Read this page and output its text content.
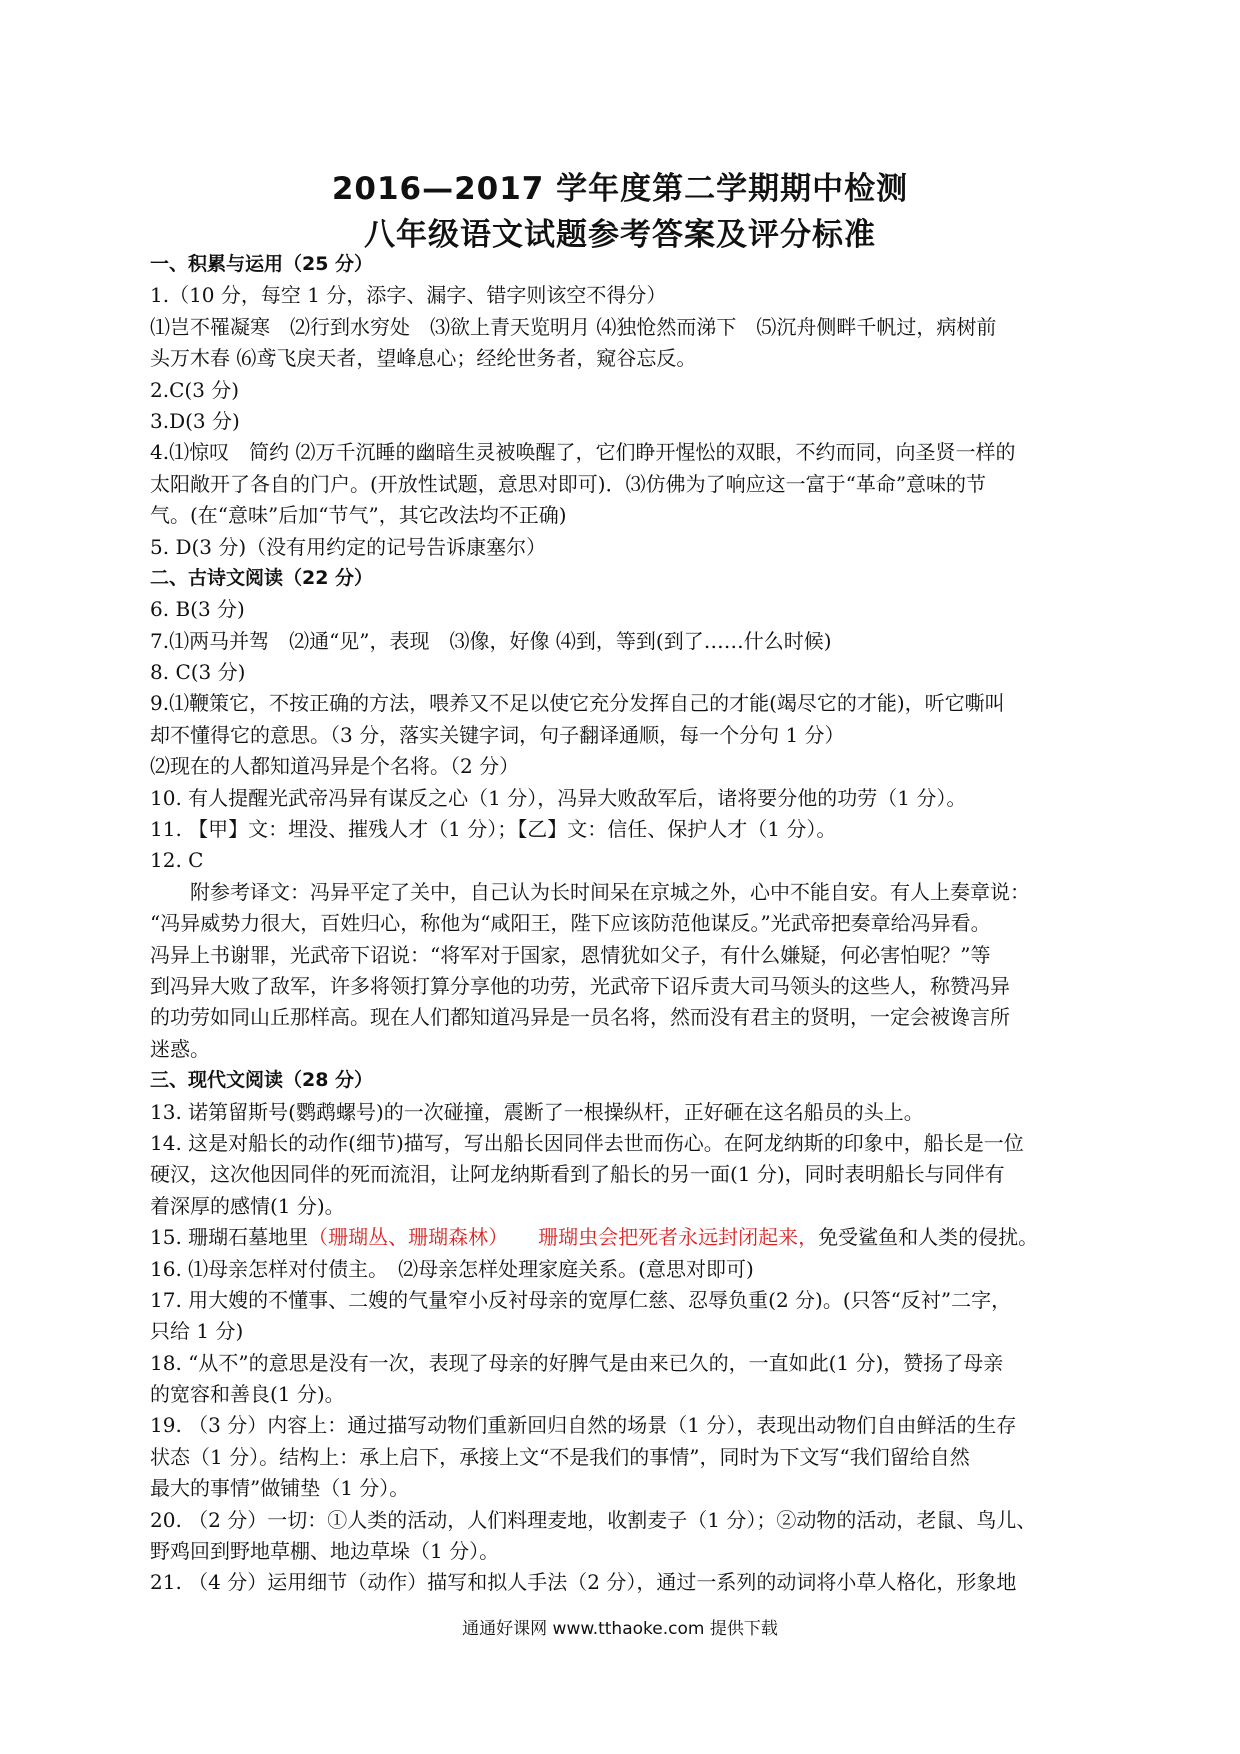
2016—2017 学年度第二学期期中检测
八年级语文试题参考答案及评分标准
一、积累与运用（25 分）
1.（10 分，每空 1 分，添字、漏字、错字则该空不得分）
⑴岂不罹凝寒　⑵行到水穷处　⑶欲上青天览明月 ⑷独怆然而涕下　⑸沉舟侧畔千帆过，病树前
头万木春 ⑹鸢飞戾天者，望峰息心；经纶世务者，窥谷忘反。
2.C(3 分)
3.D(3 分)
4.⑴惊叹　简约 ⑵万千沉睡的幽暗生灵被唤醒了，它们睁开惺忪的双眼，不约而同，向圣贤一样的
太阳敞开了各自的门户。(开放性试题，意思对即可)．⑶仿佛为了响应这一富于“革命”意味的节
气。(在“意味”后加“节气”，其它改法均不正确)
5. D(3 分)（没有用约定的记号告诉康塞尔）
二、古诗文阅读（22 分）
6. B(3 分)
7.⑴两马并驾　⑵通“见”，表现　⑶像，好像 ⑷到，等到(到了……什么时候)
8. C(3 分)
9.⑴鞭策它，不按正确的方法，喂养又不足以使它充分发挥自己的才能(竭尽它的才能)，听它嘶叫
却不懂得它的意思。（3 分，落实关键字词，句子翻译通顺，每一个分句 1 分）
⑵现在的人都知道冯异是个名将。（2 分）
10. 有人提醒光武帝冯异有谋反之心（1 分），冯异大败敌军后，诸将要分他的功劳（1 分）。
11. 【甲】文：埋没、摧残人才（1 分）；【乙】文：信任、保护人才（1 分）。
12. C
附参考译文：冯异平定了关中，自己认为长时间呆在京城之外，心中不能自安。有人上奏章说：
“冯异威势力很大，百姓归心，称他为“咸阳王，陛下应该防范他谋反。”光武帝把奏章给冯异看。
冯异上书谢罪，光武帝下诏说：“将军对于国家，恩情犹如父子，有什么嫌疑，何必害怕呢？”等
到冯异大败了敌军，许多将领打算分享他的功劳，光武帝下诏斥责大司马领头的这些人，称赞冯异
的功劳如同山丘那样高。现在人们都知道冯异是一员名将，然而没有君主的贤明，一定会被谗言所
迷惑。
三、现代文阅读（28 分）
13. 诺第留斯号(鹦鹉螺号)的一次碰撞，震断了一根操纵杆，正好砸在这名船员的头上。
14. 这是对船长的动作(细节)描写，写出船长因同伴去世而伤心。在阿龙纳斯的印象中，船长是一位
硬汉，这次他因同伴的死而流泪，让阿龙纳斯看到了船长的另一面(1 分)，同时表明船长与同伴有
着深厚的感情(1 分)。
15. 珊瑚石墓地里（珊瑚丛、珊瑚森林）　　珊瑚虫会把死者永远封闭起来，免受鲨鱼和人类的侵扰。
16. ⑴母亲怎样对付债主。　⑵母亲怎样处理家庭关系。(意思对即可)
17. 用大嫂的不懂事、二嫂的气量窄小反衬母亲的宽厚仁慈、忍辱负重(2 分)。(只答“反衬”二字，
只给 1 分)
18. “从不”的意思是没有一次，表现了母亲的好脾气是由来已久的，一直如此(1 分)，赞扬了母亲
的宽容和善良(1 分)。
19. （3 分）内容上：通过描写动物们重新回归自然的场景（1 分），表现出动物们自由鲜活的生存
状态（1 分）。结构上：承上启下，承接上文“不是我们的事情”，同时为下文写“我们留给自然
最大的事情”做铺垫（1 分）。
20. （2 分）一切：①人类的活动，人们料理麦地，收割麦子（1 分）；②动物的活动，老鼠、鸟儿、
野鸡回到野地草棚、地边草垛（1 分）。
21. （4 分）运用细节（动作）描写和拟人手法（2 分），通过一系列的动词将小草人格化，形象地
通通好课网 www.tthaoke.com 提供下载
